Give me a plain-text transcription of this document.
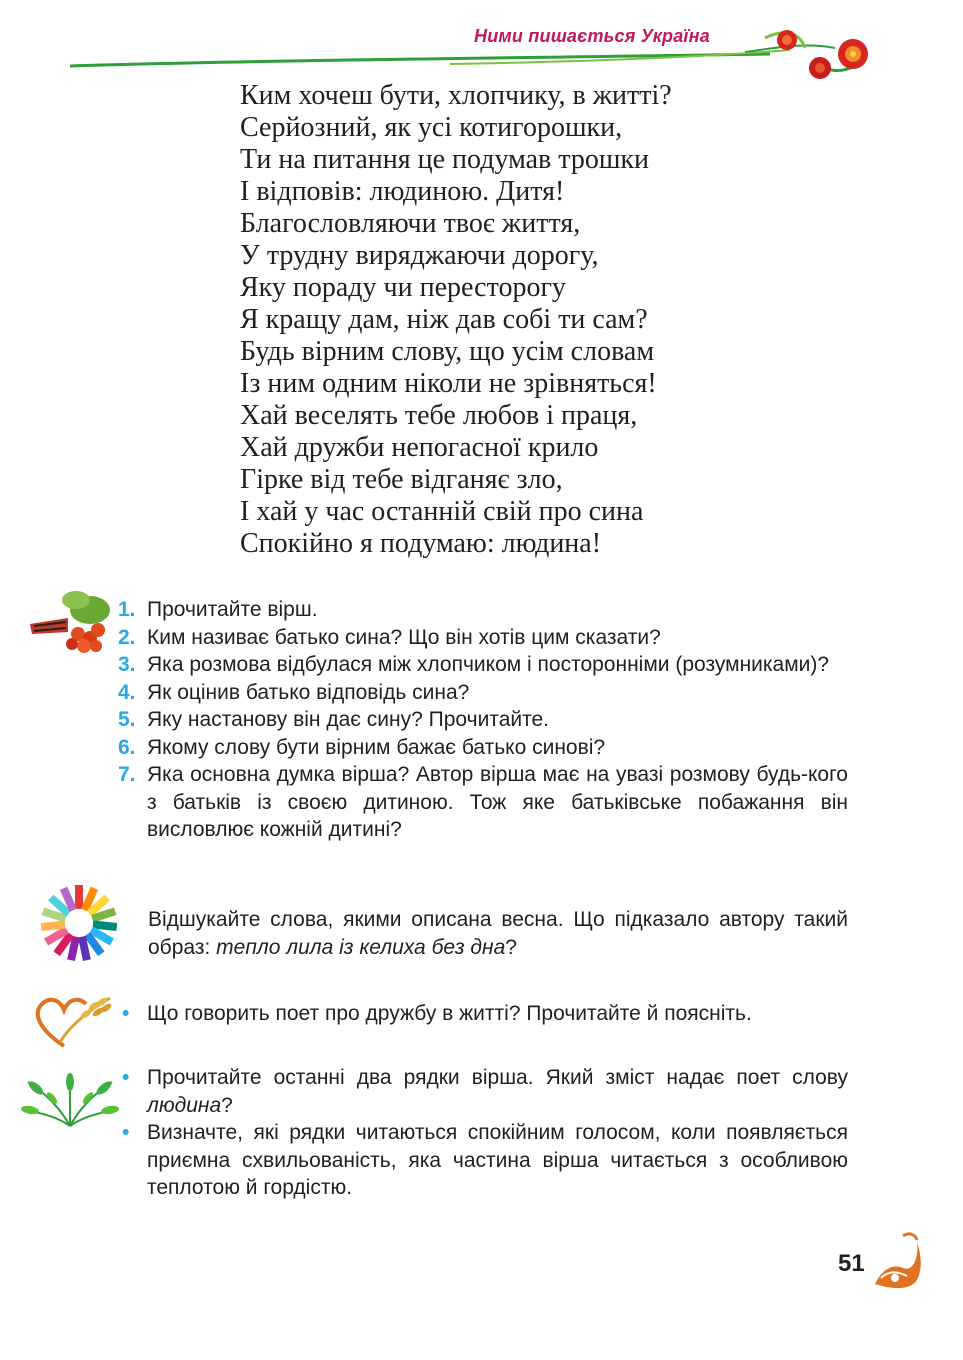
Ними пишається Україна
Ким хочеш бути, хлопчику, в житті?
Серйозний, як усі котигорошки,
Ти на питання це подумав трошки
І відповів: людиною. Дитя!
Благословляючи твоє життя,
У трудну виряджаючи дорогу,
Яку пораду чи пересторогу
Я кращу дам, ніж дав собі ти сам?
Будь вірним слову, що усім словам
Із ним одним ніколи не зрівняться!
Хай веселять тебе любов і праця,
Хай дружби непогасної крило
Гірке від тебе відганяє зло,
І хай у час останній свій про сина
Спокійно я подумаю: людина!
1. Прочитайте вірш.
2. Ким називає батько сина? Що він хотів цим сказати?
3. Яка розмова відбулася між хлопчиком і посторонніми (розумниками)?
4. Як оцінив батько відповідь сина?
5. Яку настанову він дає сину? Прочитайте.
6. Якому слову бути вірним бажає батько синові?
7. Яка основна думка вірша? Автор вірша має на увазі розмову будь-кого з батьків із своєю дитиною. Тож яке батьківське побажання він висловлює кожній дитині?
Відшукайте слова, якими описана весна. Що підказало автору такий образ: тепло лила із келиха без дна?
• Що говорить поет про дружбу в житті? Прочитайте й поясніть.
• Прочитайте останні два рядки вірша. Який зміст надає поет слову людина?
• Визначте, які рядки читаються спокійним голосом, коли появляється приємна схвильованість, яка частина вірша читається з особливою теплотою й гордістю.
51
